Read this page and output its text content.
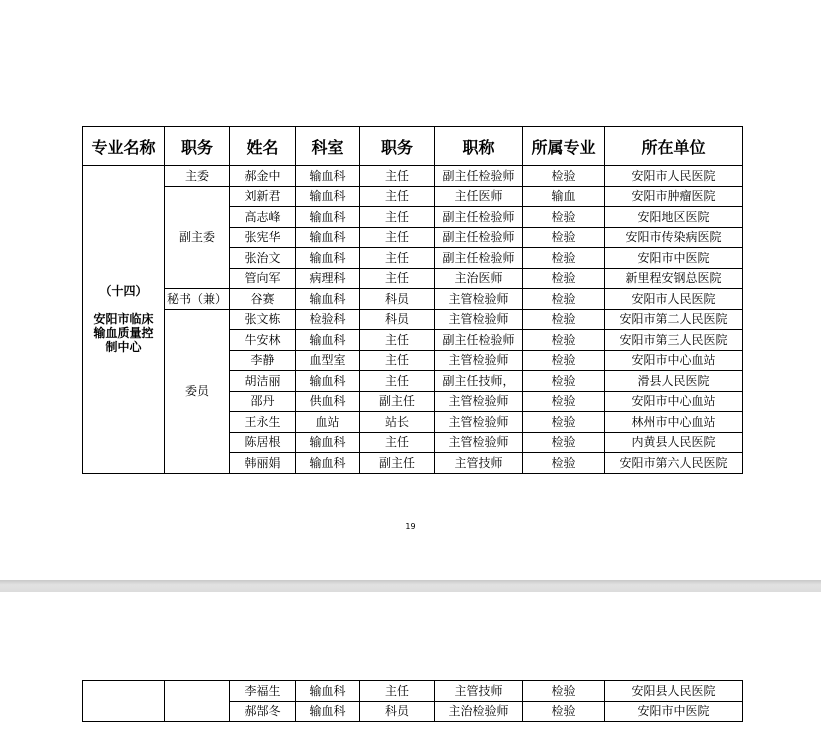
专业名称	职务	姓名	科室	职务	职称	所属专业	所在单位

（十四）
安阳市临床输血质量控制中心	主委	郝金中	输血科	主任	副主任检验师	检验	安阳市人民医院
	副主委	刘新君	输血科	主任	主任医师	输血	安阳市肿瘤医院
		高志峰	输血科	主任	副主任检验师	检验	安阳地区医院
		张宪华	输血科	主任	副主任检验师	检验	安阳市传染病医院
		张治文	输血科	主任	副主任检验师	检验	安阳市中医院
		管向军	病理科	主任	主治医师	检验	新里程安钢总医院
	秘书（兼）	谷赛	输血科	科员	主管检验师	检验	安阳市人民医院
	委员	张文栋	检验科	科员	主管检验师	检验	安阳市第二人民医院
		牛安林	输血科	主任	副主任检验师	检验	安阳市第三人民医院
		李静	血型室	主任	主管检验师	检验	安阳市中心血站
		胡洁丽	输血科	主任	副主任技师，	检验	滑县人民医院
		邵丹	供血科	副主任	主管检验师	检验	安阳市中心血站
		王永生	血站	站长	主管检验师	检验	林州市中心血站
		陈居根	输血科	主任	主管检验师	检验	内黄县人民医院
		韩丽娟	输血科	副主任	主管技师	检验	安阳市第六人民医院
19
		李福生	输血科	主任	主管技师	检验	安阳县人民医院
		郝郜冬	输血科	科员	主治检验师	检验	安阳市中医院
